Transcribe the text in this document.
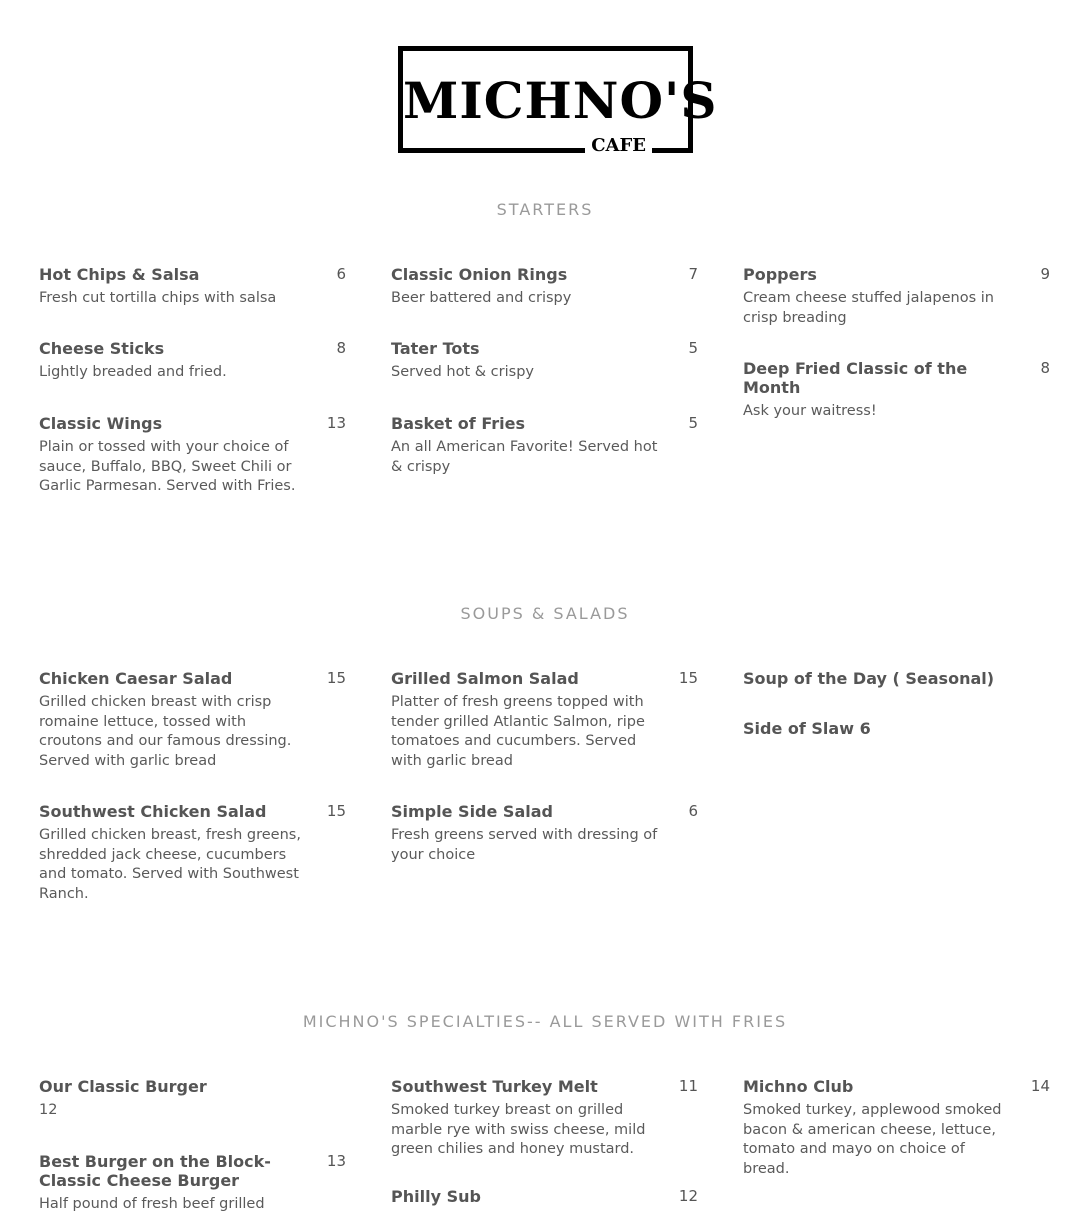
MICHNO'S
CAFE
STARTERS
Hot Chips & Salsa	6
Fresh cut tortilla chips with salsa
Cheese Sticks	8
Lightly breaded and fried.
Classic Wings	13
Plain or tossed with your choice of sauce, Buffalo, BBQ, Sweet Chili or Garlic Parmesan. Served with Fries.
Classic Onion Rings	7
Beer battered and crispy
Tater Tots	5
Served hot & crispy
Basket of Fries	5
An all American Favorite! Served hot & crispy
Poppers	9
Cream cheese stuffed jalapenos in crisp breading
Deep Fried Classic of the Month
8
Ask your waitress!
SOUPS & SALADS
Chicken Caesar Salad	15
Grilled chicken breast with crisp romaine lettuce, tossed with croutons and our famous dressing. Served with garlic bread
Southwest Chicken Salad	15
Grilled chicken breast, fresh greens, shredded jack cheese, cucumbers and tomato. Served with Southwest Ranch.
Grilled Salmon Salad	15
Platter of fresh greens topped with tender grilled Atlantic Salmon, ripe tomatoes and cucumbers. Served with garlic bread
Simple Side Salad	6
Fresh greens served with dressing of your choice
Soup of the Day ( Seasonal)
Side of Slaw 6
MICHNO'S SPECIALTIES-- ALL SERVED WITH FRIES
Our Classic Burger
12
Best Burger on the Block-Classic Cheese Burger
13
Half pound of fresh beef grilled
Southwest Turkey Melt	11
Smoked turkey breast on grilled marble rye with swiss cheese, mild green chilies and honey mustard.
Philly Sub	12
Michno Club	14
Smoked turkey, applewood smoked bacon & american cheese, lettuce, tomato and mayo on choice of bread.
